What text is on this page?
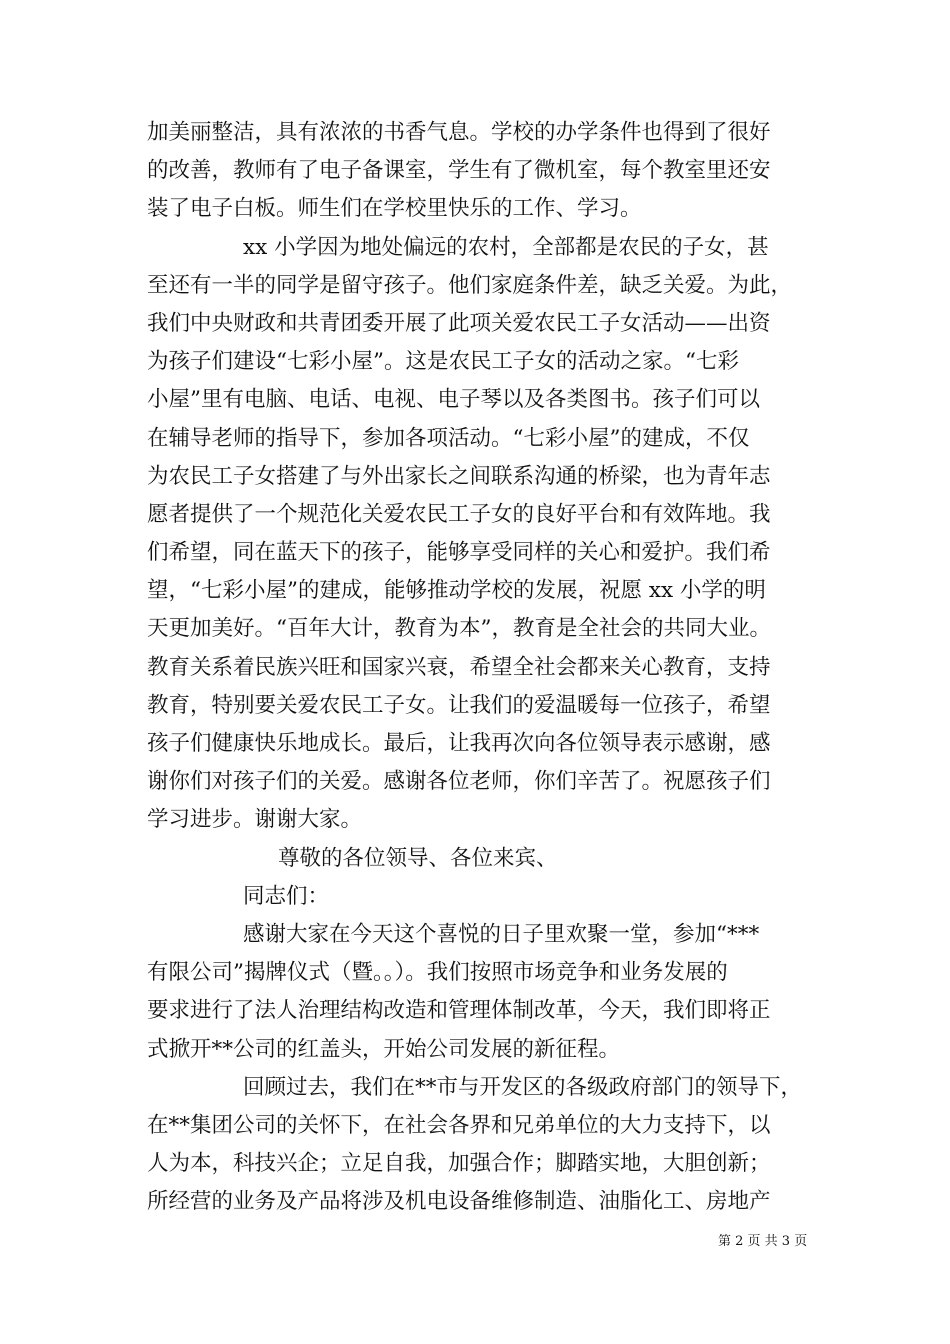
加美丽整洁，具有浓浓的书香气息。学校的办学条件也得到了很好
的改善，教师有了电子备课室，学生有了微机室，每个教室里还安
装了电子白板。师生们在学校里快乐的工作、学习。
xx 小学因为地处偏远的农村，全部都是农民的子女，甚
至还有一半的同学是留守孩子。他们家庭条件差，缺乏关爱。为此，
我们中央财政和共青团委开展了此项关爱农民工子女活动——出资
为孩子们建设“七彩小屋”。这是农民工子女的活动之家。“七彩
小屋”里有电脑、电话、电视、电子琴以及各类图书。孩子们可以
在辅导老师的指导下，参加各项活动。“七彩小屋”的建成，不仅
为农民工子女搭建了与外出家长之间联系沟通的桥梁，也为青年志
愿者提供了一个规范化关爱农民工子女的良好平台和有效阵地。我
们希望，同在蓝天下的孩子，能够享受同样的关心和爱护。我们希
望，“七彩小屋”的建成，能够推动学校的发展，祝愿 xx 小学的明
天更加美好。“百年大计，教育为本”，教育是全社会的共同大业。
教育关系着民族兴旺和国家兴衰，希望全社会都来关心教育，支持
教育，特别要关爱农民工子女。让我们的爱温暖每一位孩子，希望
孩子们健康快乐地成长。最后，让我再次向各位领导表示感谢，感
谢你们对孩子们的关爱。感谢各位老师，你们辛苦了。祝愿孩子们
学习进步。谢谢大家。
尊敬的各位领导、各位来宾、
同志们：
感谢大家在今天这个喜悦的日子里欢聚一堂，参加“***
有限公司”揭牌仪式（暨。。）。我们按照市场竞争和业务发展的
要求进行了法人治理结构改造和管理体制改革，今天，我们即将正
式掀开**公司的红盖头，开始公司发展的新征程。
回顾过去，我们在**市与开发区的各级政府部门的领导下，
在**集团公司的关怀下，在社会各界和兄弟单位的大力支持下，以
人为本，科技兴企；立足自我，加强合作；脚踏实地，大胆创新；
所经营的业务及产品将涉及机电设备维修制造、油脂化工、房地产
第 2 页 共 3 页
